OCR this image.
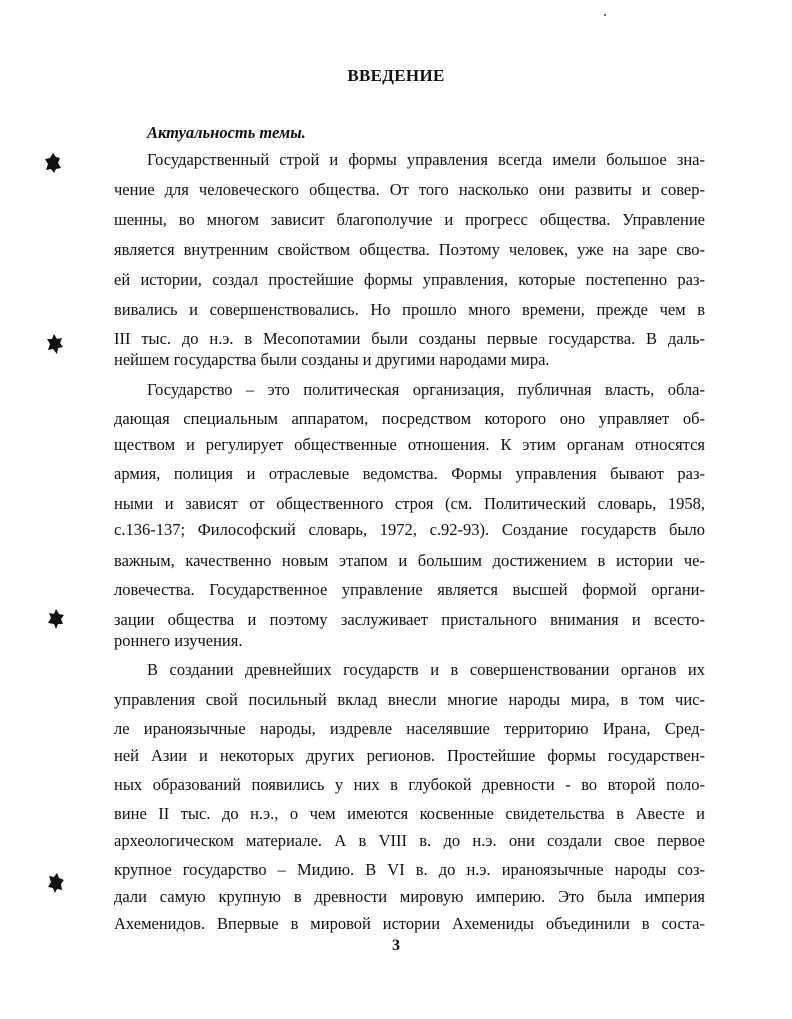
ВВЕДЕНИЕ
Актуальность темы.
Государственный строй и формы управления всегда имели большое зна-
чение для человеческого общества. От того насколько они развиты и совер-
шенны, во многом зависит благополучие и прогресс общества. Управление
является внутренним свойством общества. Поэтому человек, уже на заре сво-
ей истории, создал простейшие формы управления, которые постепенно раз-
вивались и совершенствовались. Но прошло много времени, прежде чем в
III тыс. до н.э. в Месопотамии были созданы первые государства. В даль-
нейшем государства были созданы и другими народами мира.
Государство – это политическая организация, публичная власть, обла-
дающая специальным аппаратом, посредством которого оно управляет об-
ществом и регулирует общественные отношения. К этим органам относятся
армия, полиция и отраслевые ведомства. Формы управления бывают раз-
ными и зависят от общественного строя (см. Политический словарь, 1958,
с.136-137; Философский словарь, 1972, с.92-93). Создание государств было
важным, качественно новым этапом и большим достижением в истории че-
ловечества. Государственное управление является высшей формой органи-
зации общества и поэтому заслуживает пристального внимания и всесто-
роннего изучения.
В создании древнейших государств и в совершенствовании органов их
управления свой посильный вклад внесли многие народы мира, в том чис-
ле ираноязычные народы, издревле населявшие территорию Ирана, Сред-
ней Азии и некоторых других регионов. Простейшие формы государствен-
ных образований появились у них в глубокой древности - во второй поло-
вине II тыс. до н.э., о чем имеются косвенные свидетельства в Авесте и
археологическом материале. А в VIII в. до н.э. они создали свое первое
крупное государство – Мидию. В VI в. до н.э. ираноязычные народы соз-
дали самую крупную в древности мировую империю. Это была империя
Ахеменидов. Впервые в мировой истории Ахемениды объединили в соста-
3
